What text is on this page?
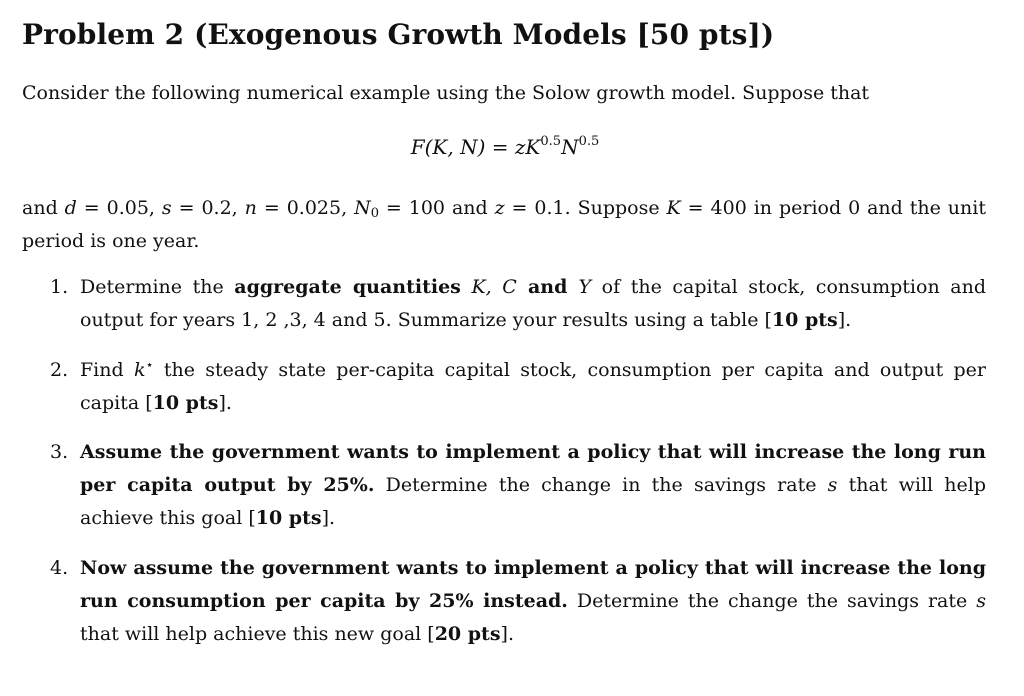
Problem 2 (Exogenous Growth Models [50 pts])
Consider the following numerical example using the Solow growth model. Suppose that
F(K, $N) = zK^{0.5}N^{0.5}$
and d = 0.05, s = 0.2, n = 0.025, $N_0 = 100$ and z = 0.1. Suppose K = 400 in period 0 and the unit period is one year.
1. Determine the aggregate quantities K, C and Y of the capital stock, consumption and output for years 1, 2 ,3, 4 and 5. Summarize your results using a table [10 pts].
2. Find k⋆ the steady state per-capita capital stock, consumption per capita and output per capita [10 pts].
3. Assume the government wants to implement a policy that will increase the long run per capita output by 25%. Determine the change in the savings rate s that will help achieve this goal [10 pts].
4. Now assume the government wants to implement a policy that will increase the long run consumption per capita by 25% instead. Determine the change the savings rate s that will help achieve this new goal [20 pts].
